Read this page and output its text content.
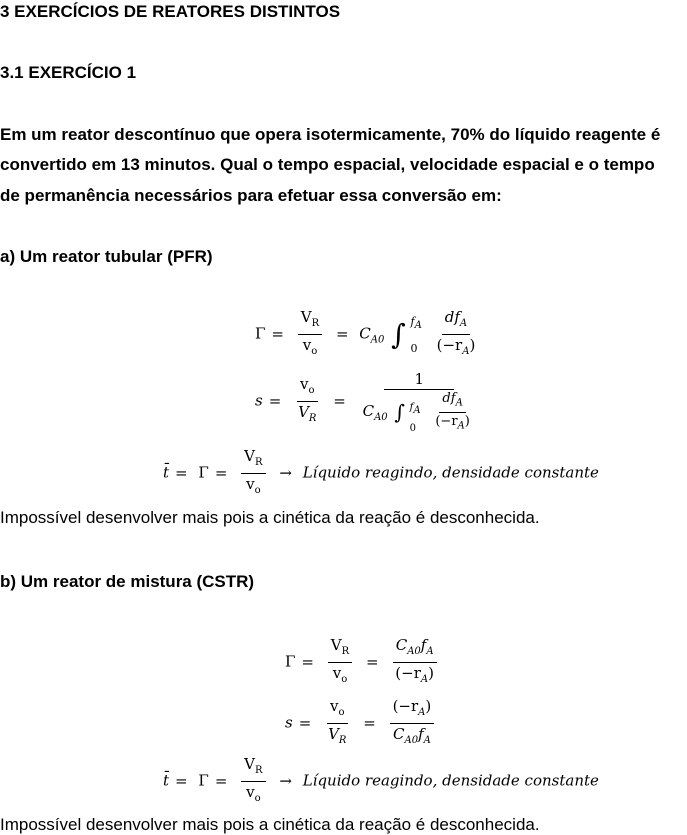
3 EXERCÍCIOS DE REATORES DISTINTOS
3.1 EXERCÍCIO 1
Em um reator descontínuo que opera isotermicamente, 70% do líquido reagente é
convertido em 13 minutos. Qual o tempo espacial, velocidade espacial e o tempo
de permanência necessários para efetuar essa conversão em:
a) Um reator tubular (PFR)
$\Gamma = \frac{V_R}{v_o} = C_{A0}$ ∫ $f_A$
0
$\frac{df_A}{(-r_A)}$
$s = \frac{v_o}{V_R} = 1$
$C_{A0}$ ∫ $f_A$
0
	$\frac{df_A}{(-r_A)}$
t̄ = $\Gamma = \frac{V_R}{v_o}$ → Líquido reagindo, densidade constante
Impossível desenvolver mais pois a cinética da reação é desconhecida.
b) Um reator de mistura (CSTR)
$\Gamma = \frac{V_R}{v_o} = \frac{C_{A0}f_A}{(-r_A)}$
$s = \frac{v_o}{V_R} = \frac{(-r_A)}{C_{A0}f_A}$
t̄ = $\Gamma = \frac{V_R}{v_o}$ → Líquido reagindo, densidade constante
Impossível desenvolver mais pois a cinética da reação é desconhecida.
